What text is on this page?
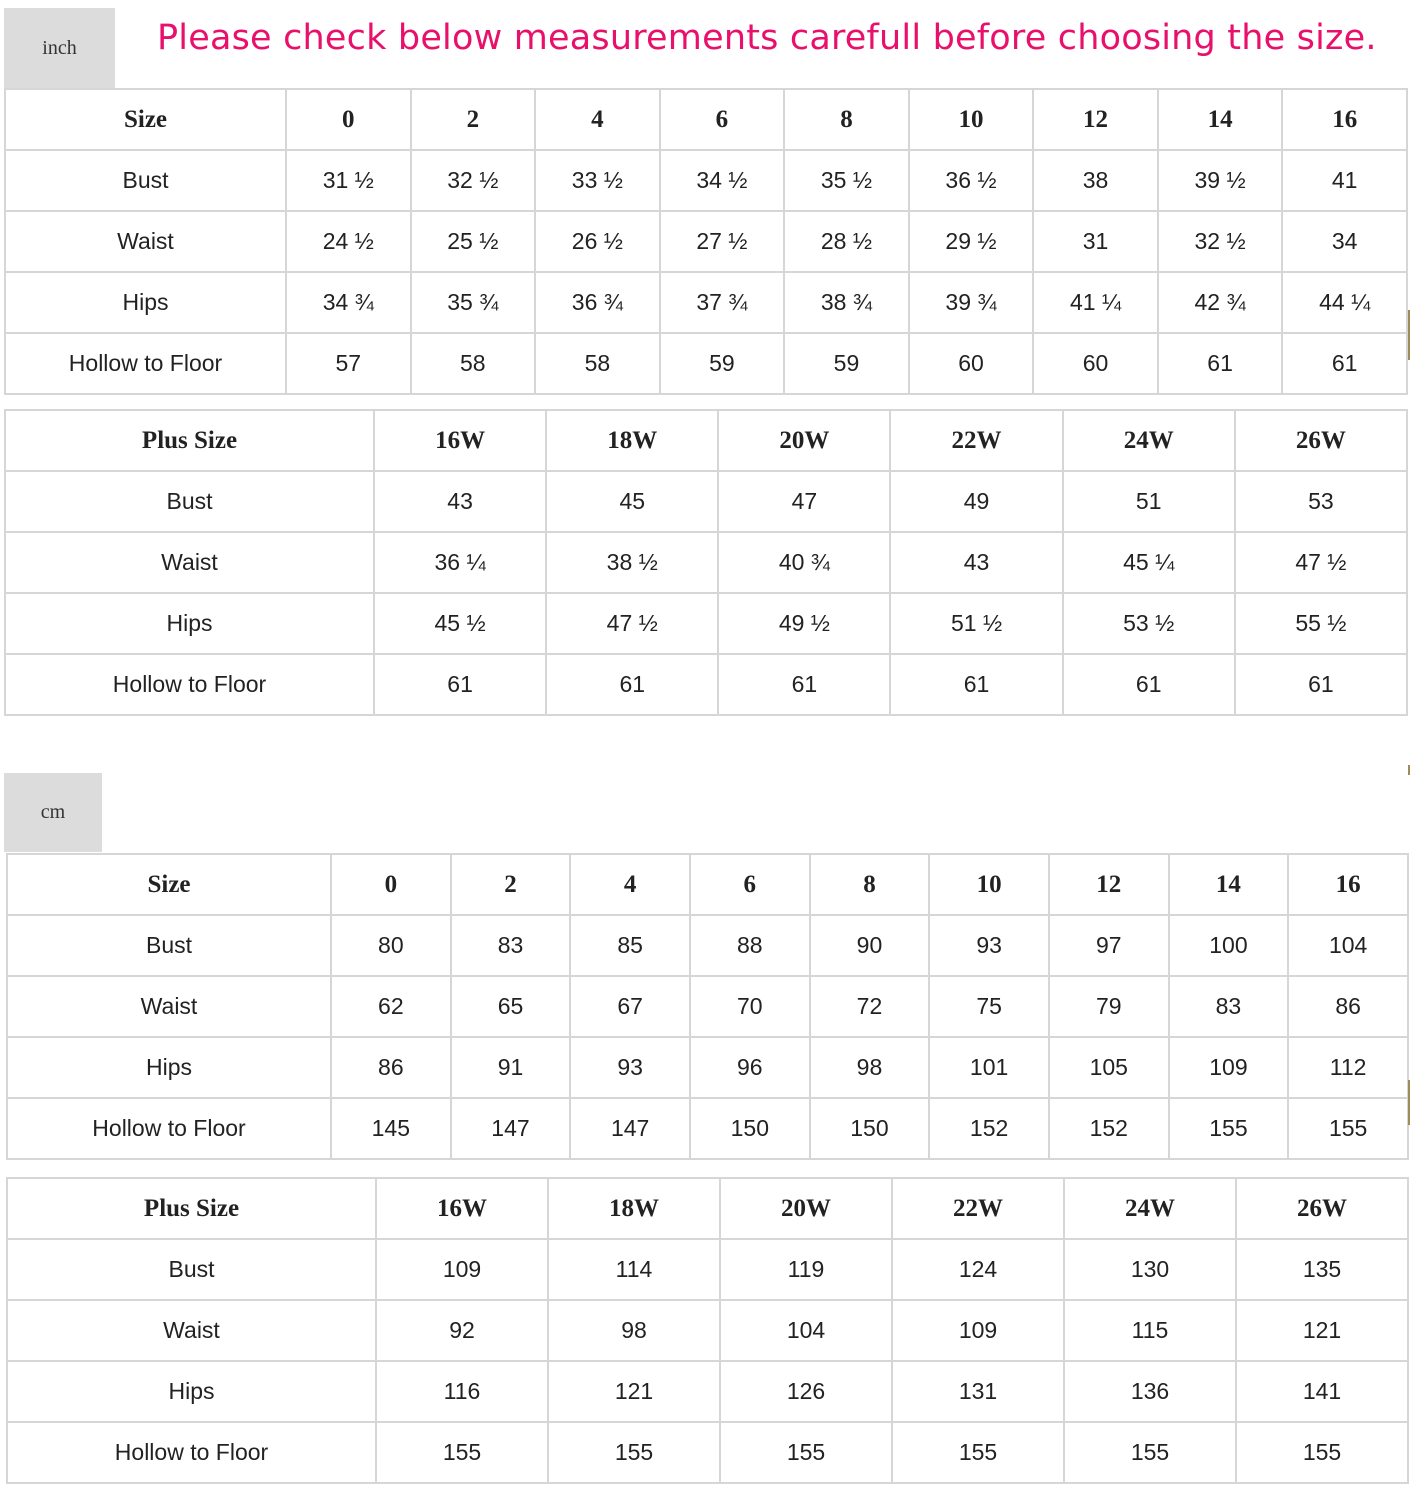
inch Please check below measurements carefull before choosing the size.
Size	0	2	4	6	8	10	12	14	16
Bust	31 ½	32 ½	33 ½	34 ½	35 ½	36 ½	38	39 ½	41
Waist	24 ½	25 ½	26 ½	27 ½	28 ½	29 ½	31	32 ½	34
Hips	34 ¾	35 ¾	36 ¾	37 ¾	38 ¾	39 ¾	41 ¼	42 ¾	44 ¼
Hollow to Floor	57	58	58	59	59	60	60	61	61
Plus Size	16W	18W	20W	22W	24W	26W
Bust	43	45	47	49	51	53
Waist	36 ¼	38 ½	40 ¾	43	45 ¼	47 ½
Hips	45 ½	47 ½	49 ½	51 ½	53 ½	55 ½
Hollow to Floor	61	61	61	61	61	61
cm
Size	0	2	4	6	8	10	12	14	16
Bust	80	83	85	88	90	93	97	100	104
Waist	62	65	67	70	72	75	79	83	86
Hips	86	91	93	96	98	101	105	109	112
Hollow to Floor	145	147	147	150	150	152	152	155	155
Plus Size	16W	18W	20W	22W	24W	26W
Bust	109	114	119	124	130	135
Waist	92	98	104	109	115	121
Hips	116	121	126	131	136	141
Hollow to Floor	155	155	155	155	155	155
